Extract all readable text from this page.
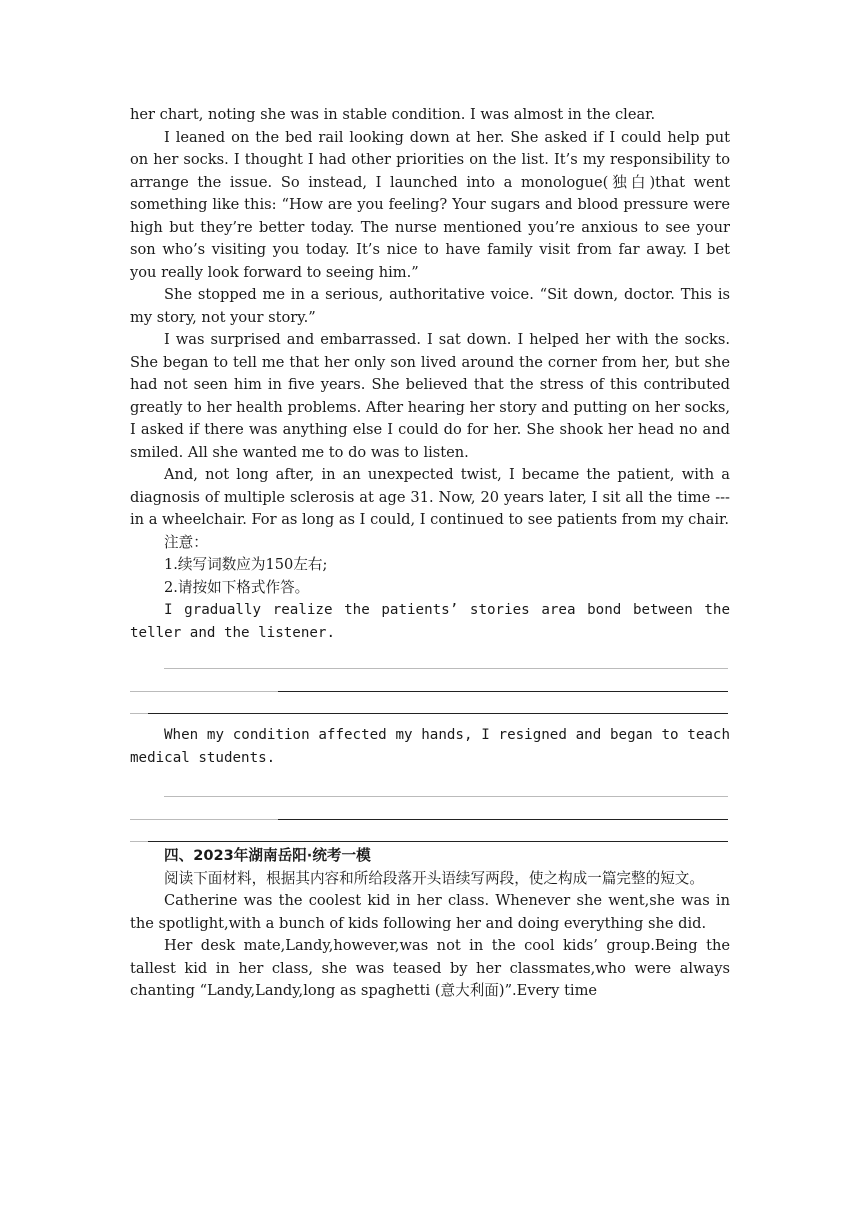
her chart, noting she was in stable condition. I was almost in the clear.

I leaned on the bed rail looking down at her. She asked if I could help put on her socks. I thought I had other priorities on the list. It’s my responsibility to arrange the issue. So instead, I launched into a monologue(独白)that went something like this: “How are you feeling? Your sugars and blood pressure were high but they’re better today. The nurse mentioned you’re anxious to see your son who’s visiting you today. It’s nice to have family visit from far away. I bet you really look forward to seeing him.”

She stopped me in a serious, authoritative voice. “Sit down, doctor. This is my story, not your story.”

I was surprised and embarrassed. I sat down. I helped her with the socks. She began to tell me that her only son lived around the corner from her, but she had not seen him in five years. She believed that the stress of this contributed greatly to her health problems. After hearing her story and putting on her socks, I asked if there was anything else I could do for her. She shook her head no and smiled. All she wanted me to do was to listen.

And, not long after, in an unexpected twist, I became the patient, with a diagnosis of multiple sclerosis at age 31. Now, 20 years later, I sit all the time --- in a wheelchair. For as long as I could, I continued to see patients from my chair.

注意：

1.续写词数应为150左右;

2.请按如下格式作答。

I gradually realize the patients’ stories area bond between the teller and the listener.

When my condition affected my hands, I resigned and began to teach medical students.

四、2023年湖南岳阳·统考一模

阅读下面材料，根据其内容和所给段落开头语续写两段，使之构成一篇完整的短文。

Catherine was the coolest kid in her class. Whenever she went,she was in the spotlight,with a bunch of kids following her and doing everything she did.

Her desk mate,Landy,however,was not in the cool kids’ group.Being the tallest kid in her class, she was teased by her classmates,who were always chanting “Landy,Landy,long as spaghetti (意大利面)”.Every time
